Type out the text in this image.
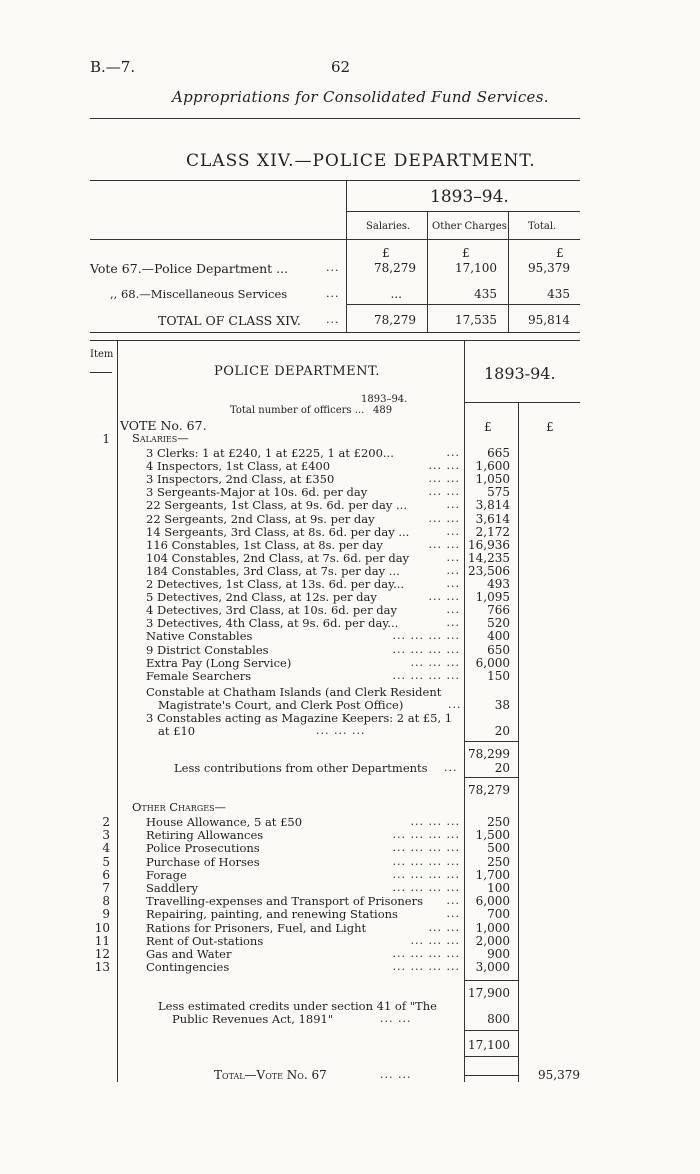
B.—7.	62
Appropriations for Consolidated Fund Services.
CLASS XIV.—POLICE DEPARTMENT.
1893–94.
Salaries. Other Charges. Total.
£	£	£
Vote 67.—Police Department ...	...	78,279	17,100	95,379
,, 68.—Miscellaneous Services	...	...	435	435
TOTAL OF CLASS XIV. ...	78,279	17,535	95,814
Item
POLICE DEPARTMENT.	1893-94.
1893–94.
Total number of officers ... 489
£	£
VOTE No. 67.
1 Salaries—
3 Clerks: 1 at £240, 1 at £225, 1 at £200...	...	665
4 Inspectors, 1st Class, at £400	... ...	1,600
3 Inspectors, 2nd Class, at £350	... ...	1,050
3 Sergeants-Major at 10s. 6d. per day	... ...	575
22 Sergeants, 1st Class, at 9s. 6d. per day ...	...	3,814
22 Sergeants, 2nd Class, at 9s. per day	... ...	3,614
14 Sergeants, 3rd Class, at 8s. 6d. per day ...	...	2,172
116 Constables, 1st Class, at 8s. per day	... ... 16,936
104 Constables, 2nd Class, at 7s. 6d. per day	... 14,235
184 Constables, 3rd Class, at 7s. per day ...	... 23,506
2 Detectives, 1st Class, at 13s. 6d. per day...	...	493
5 Detectives, 2nd Class, at 12s. per day	... ...	1,095
4 Detectives, 3rd Class, at 10s. 6d. per day	...	766
3 Detectives, 4th Class, at 9s. 6d. per day...	...	520
Native Constables	... ... ... ...	400
9 District Constables	... ... ... ...	650
Extra Pay (Long Service)	... ... ...	6,000
Female Searchers	... ... ... ...	150
Constable at Chatham Islands (and Clerk Resident
Magistrate's Court, and Clerk Post Office)	...	38
3 Constables acting as Magazine Keepers: 2 at £5, 1
at £10	... ... ...	20
78,299
Less contributions from other Departments ...	20
78,279
Other Charges—
2	House Allowance, 5 at £50	... ... ...	250
3	Retiring Allowances	... ... ... ...	1,500
4	Police Prosecutions	... ... ... ...	500
5	Purchase of Horses	... ... ... ...	250
6	Forage	... ... ... ...	1,700
7	Saddlery	... ... ... ...	100
8	Travelling-expenses and Transport of Prisoners ...	6,000
9	Repairing, painting, and renewing Stations	...	700
10	Rations for Prisoners, Fuel, and Light	... ...	1,000
11	Rent of Out-stations	... ... ...	2,000
12	Gas and Water	... ... ... ...	900
13	Contingencies	... ... ... ...	3,000
17,900
Less estimated credits under section 41 of "The
Public Revenues Act, 1891"	... ...	800
17,100
Total—Vote No. 67	... ...	95,379
